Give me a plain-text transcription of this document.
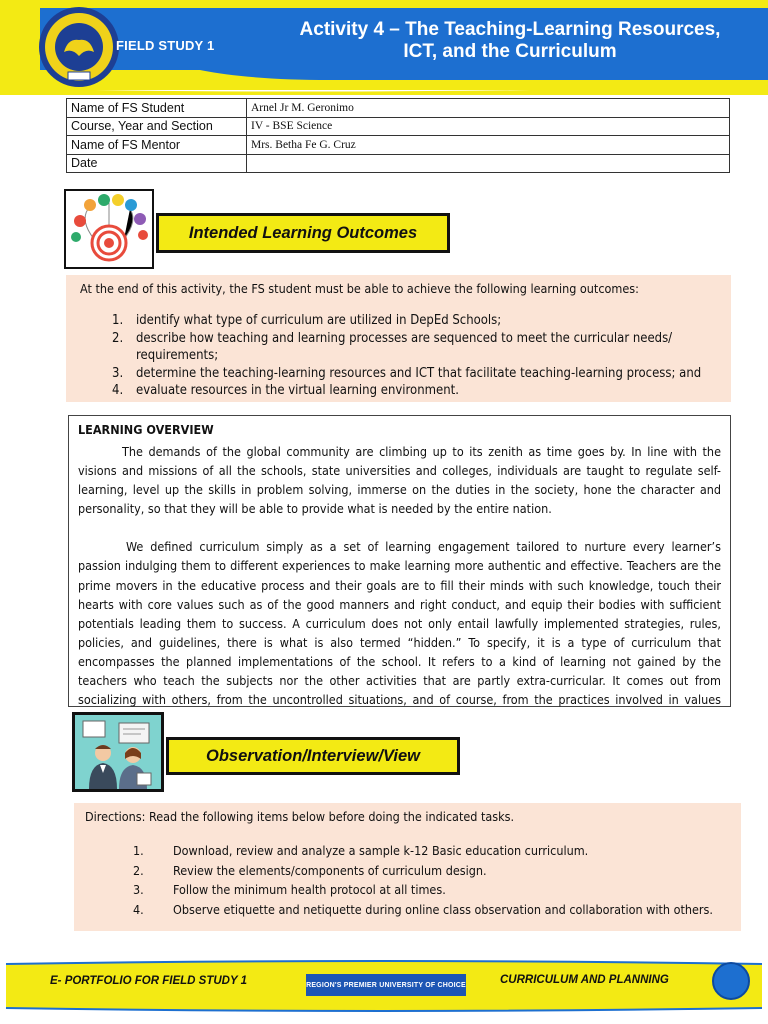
FIELD STUDY 1
Activity 4 – The Teaching-Learning Resources,
ICT, and the Curriculum
Name of FS Student	Arnel Jr M. Geronimo
Course, Year and Section	IV - BSE Science
Name of FS Mentor	Mrs. Betha Fe G. Cruz
Date	
Intended Learning Outcomes
At the end of this activity, the FS student must be able to achieve the following learning outcomes:
1. identify what type of curriculum are utilized in DepEd Schools;
2. describe how teaching and learning processes are sequenced to meet the curricular needs/
requirements;
3. determine the teaching-learning resources and ICT that facilitate teaching-learning process; and
4. evaluate resources in the virtual learning environment.
LEARNING OVERVIEW

The demands of the global community are climbing up to its zenith as time goes by. In line with the visions and missions of all the schools, state universities and colleges, individuals are taught to regulate self-learning, level up the skills in problem solving, immerse on the duties in the society, hone the character and personality, so that they will be able to provide what is needed by the entire nation.

We defined curriculum simply as a set of learning engagement tailored to nurture every learner’s passion indulging them to different experiences to make learning more authentic and effective. Teachers are the prime movers in the educative process and their goals are to fill their minds with such knowledge, touch their hearts with core values such as of the good manners and right conduct, and equip their bodies with sufficient potentials leading them to success. A curriculum does not only entail lawfully implemented strategies, rules, policies, and guidelines, there is what is also termed “hidden.” To specify, it is a type of curriculum that encompasses the planned implementations of the school. It refers to a kind of learning not gained by the teachers who teach the subjects nor the other activities that are partly extra-curricular. It comes out from socializing with others, from the uncontrolled situations, and of course, from the practices involved in values

Observation/Interview/View
Directions: Read the following items below before doing the indicated tasks.
1. Download, review and analyze a sample k-12 Basic education curriculum.
2. Review the elements/components of curriculum design.
3. Follow the minimum health protocol at all times.
4. Observe etiquette and netiquette during online class observation and collaboration with others.
E- PORTFOLIO FOR FIELD STUDY 1	REGION'S PREMIER UNIVERSITY OF CHOICE	CURRICULUM AND PLANNING
